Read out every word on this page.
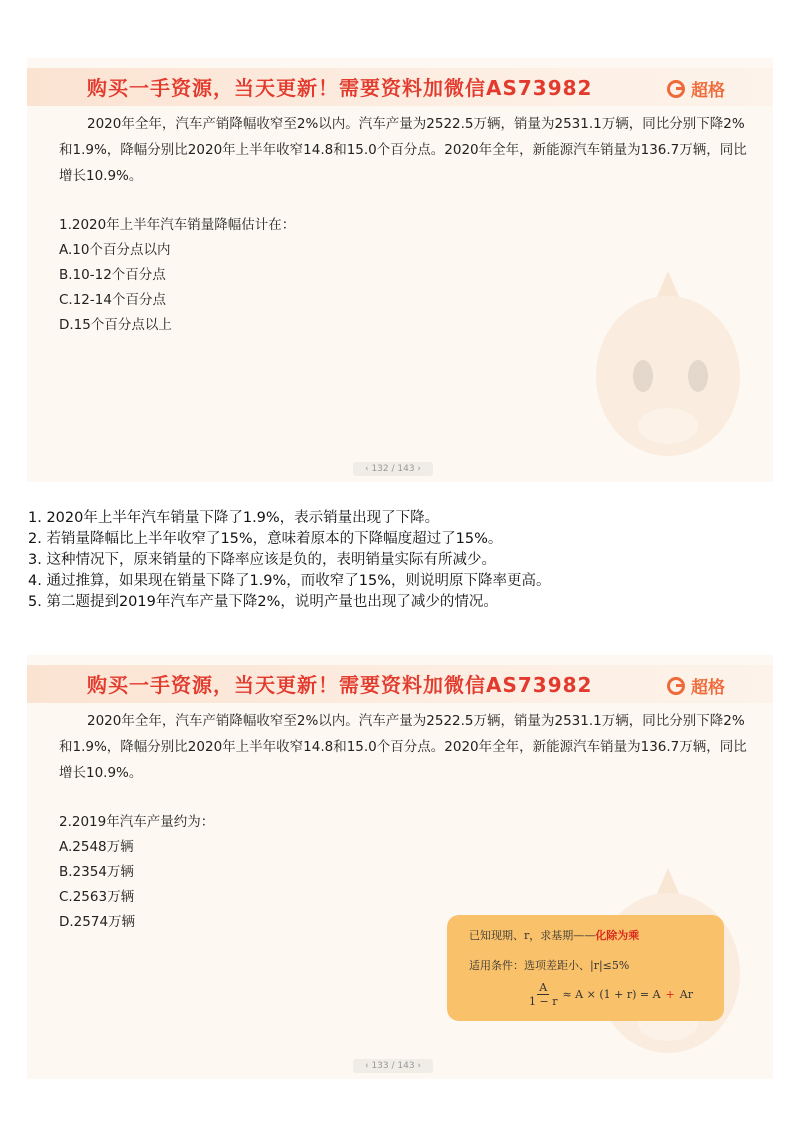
购买一手资源，当天更新！需要资料加微信AS73982	超格
2020年全年，汽车产销降幅收窄至2%以内。汽车产量为2522.5万辆，销量为2531.1万辆，同比分别下降2%和1.9%，降幅分别比2020年上半年收窄14.8和15.0个百分点。2020年全年，新能源汽车销量为136.7万辆，同比增长10.9%。
1.2020年上半年汽车销量降幅估计在：
A.10个百分点以内
B.10-12个百分点
C.12-14个百分点
D.15个百分点以上
‹ 132 / 143 ›
1. 2020年上半年汽车销量下降了1.9%，表示销量出现了下降。
2. 若销量降幅比上半年收窄了15%，意味着原本的下降幅度超过了15%。
3. 这种情况下，原来销量的下降率应该是负的，表明销量实际有所减少。
4. 通过推算，如果现在销量下降了1.9%，而收窄了15%，则说明原下降率更高。
5. 第二题提到2019年汽车产量下降2%，说明产量也出现了减少的情况。
购买一手资源，当天更新！需要资料加微信AS73982	超格
2020年全年，汽车产销降幅收窄至2%以内。汽车产量为2522.5万辆，销量为2531.1万辆，同比分别下降2%和1.9%，降幅分别比2020年上半年收窄14.8和15.0个百分点。2020年全年，新能源汽车销量为136.7万辆，同比增长10.9%。
2.2019年汽车产量约为：
A.2548万辆
B.2354万辆
C.2563万辆
D.2574万辆
已知现期、r，求基期——化除为乘
适用条件：选项差距小、|r|≤5%
$\frac{A}{1 - r} \approx A \times (1 + r) = A + Ar$
‹ 133 / 143 ›
